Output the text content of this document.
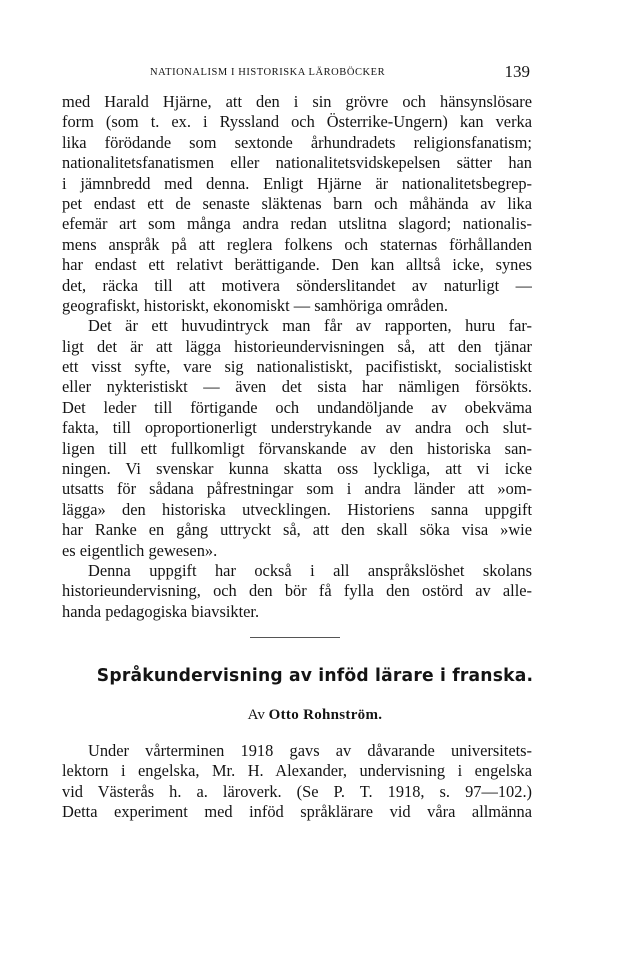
NATIONALISM I HISTORISKA LÄROBÖCKER	139
med Harald Hjärne, att den i sin grövre och hänsynslösare
form (som t. ex. i Ryssland och Österrike-Ungern) kan verka
lika förödande som sextonde århundradets religionsfanatism;
nationalitetsfanatismen eller nationalitetsvidskepelsen sätter han
i jämnbredd med denna. Enligt Hjärne är nationalitetsbegrep-
pet endast ett de senaste släktenas barn och måhända av lika
efemär art som många andra redan utslitna slagord; nationalis-
mens anspråk på att reglera folkens och staternas förhållanden
har endast ett relativt berättigande. Den kan alltså icke, synes
det, räcka till att motivera sönderslitandet av naturligt —
geografiskt, historiskt, ekonomiskt — samhöriga områden.
Det är ett huvudintryck man får av rapporten, huru far-
ligt det är att lägga historieundervisningen så, att den tjänar
ett visst syfte, vare sig nationalistiskt, pacifistiskt, socialistiskt
eller nykteristiskt — även det sista har nämligen försökts.
Det leder till förtigande och undandöljande av obekväma
fakta, till oproportionerligt understrykande av andra och slut-
ligen till ett fullkomligt förvanskande av den historiska san-
ningen. Vi svenskar kunna skatta oss lyckliga, att vi icke
utsatts för sådana påfrestningar som i andra länder att »om-
lägga» den historiska utvecklingen. Historiens sanna uppgift
har Ranke en gång uttryckt så, att den skall söka visa »wie
es eigentlich gewesen».
Denna uppgift har också i all anspråkslöshet skolans
historieundervisning, och den bör få fylla den ostörd av alle-
handa pedagogiska biavsikter.
Språkundervisning av inföd lärare i franska.
Av Otto Rohnström.
Under vårterminen 1918 gavs av dåvarande universitets-
lektorn i engelska, Mr. H. Alexander, undervisning i engelska
vid Västerås h. a. läroverk. (Se P. T. 1918, s. 97—102.)
Detta experiment med inföd språklärare vid våra allmänna
